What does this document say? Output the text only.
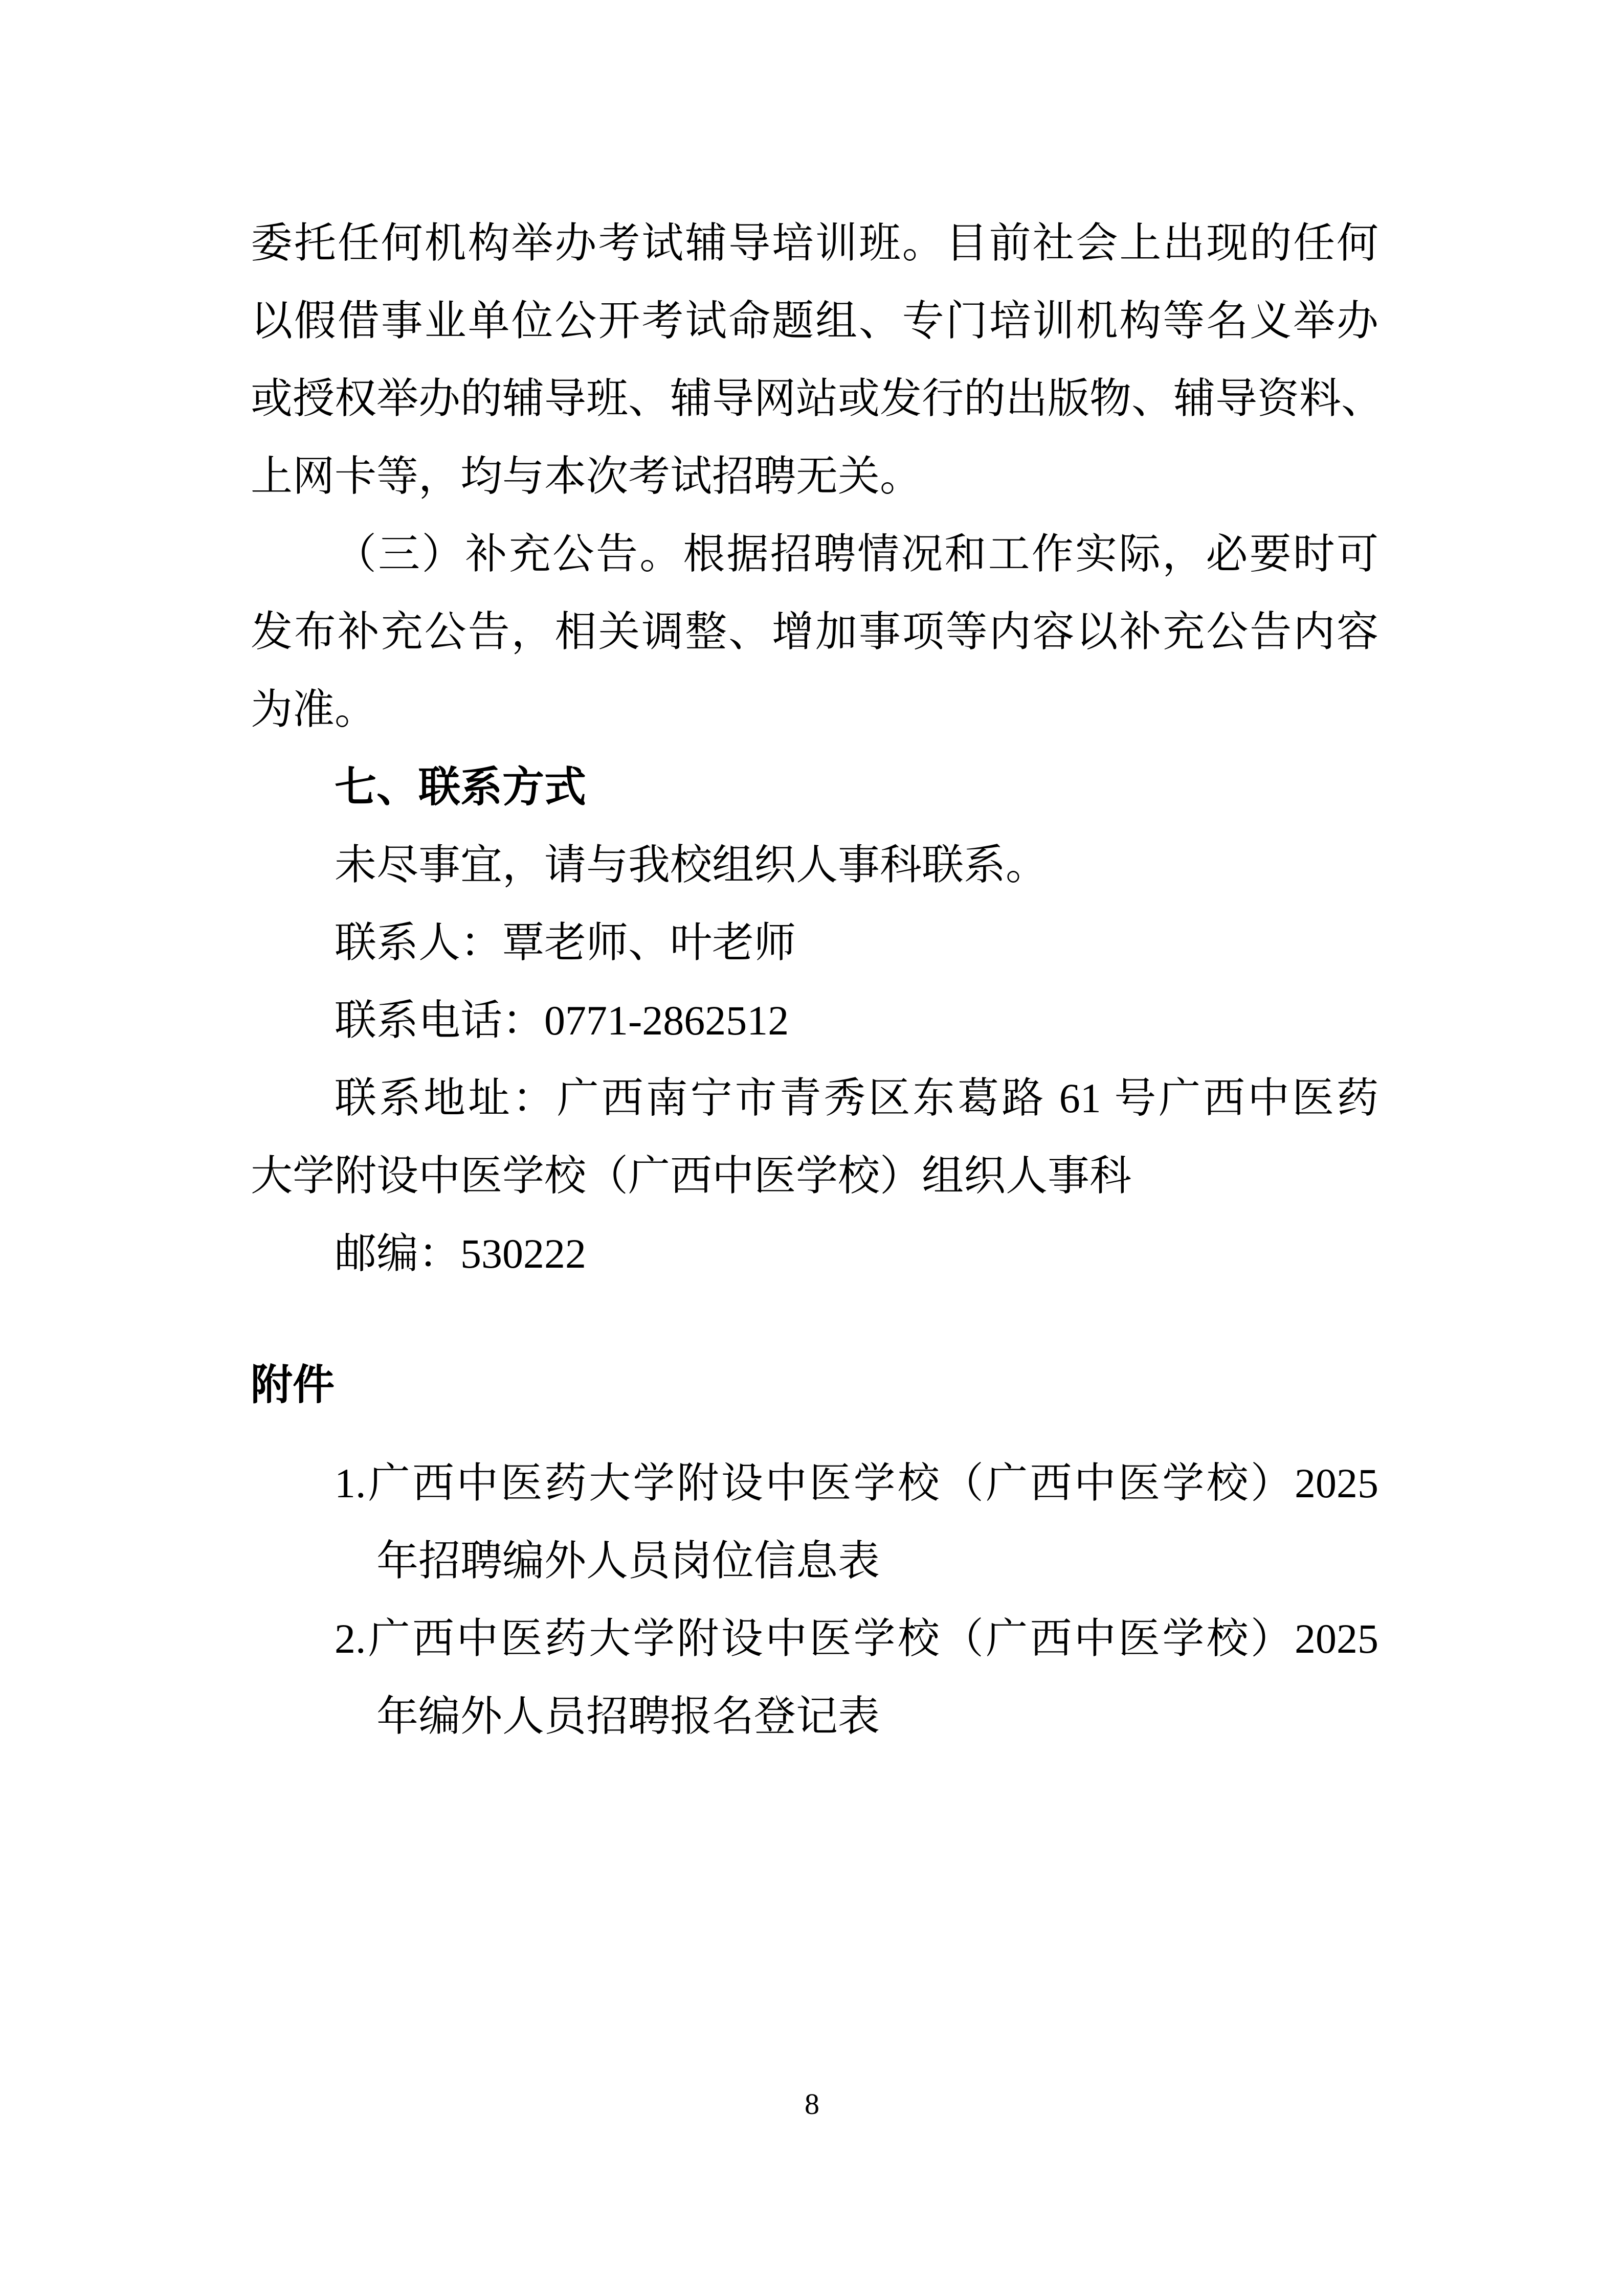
委托任何机构举办考试辅导培训班。目前社会上出现的任何
以假借事业单位公开考试命题组、专门培训机构等名义举办
或授权举办的辅导班、辅导网站或发行的出版物、辅导资料、
上网卡等，均与本次考试招聘无关。
（三）补充公告。根据招聘情况和工作实际，必要时可
发布补充公告，相关调整、增加事项等内容以补充公告内容
为准。
七、联系方式
未尽事宜，请与我校组织人事科联系。
联系人：覃老师、叶老师
联系电话：0771-2862512
联系地址：广西南宁市青秀区东葛路 61 号广西中医药
大学附设中医学校（广西中医学校）组织人事科
邮编：530222
附件
1.广西中医药大学附设中医学校（广西中医学校）2025
年招聘编外人员岗位信息表
2.广西中医药大学附设中医学校（广西中医学校）2025
年编外人员招聘报名登记表
8
